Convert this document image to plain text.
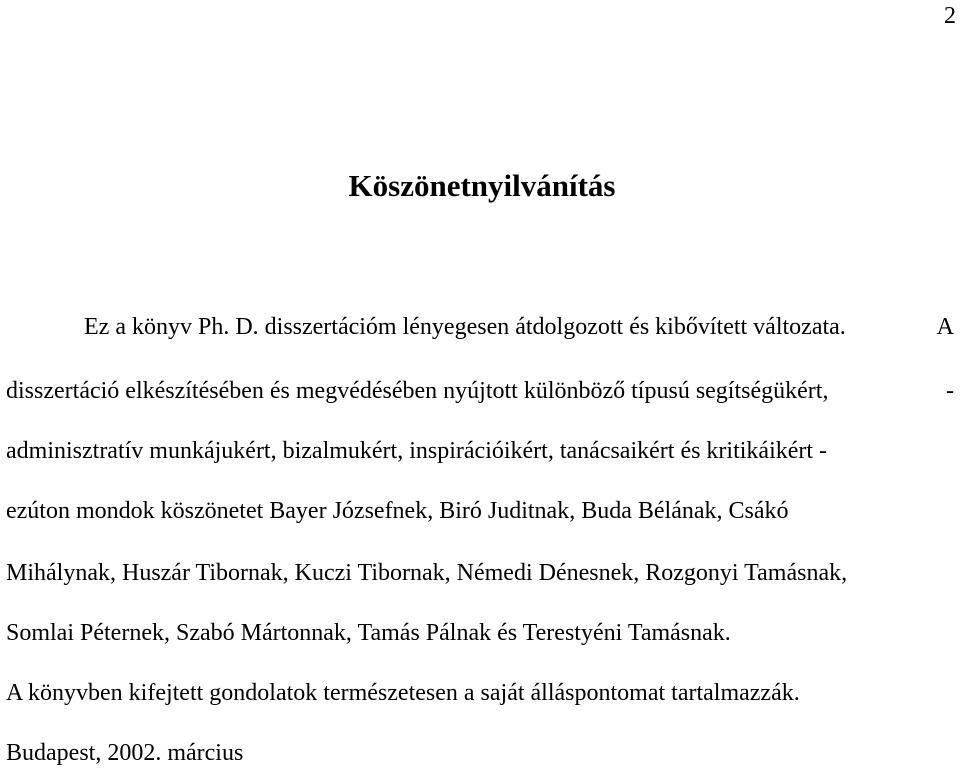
2
Köszönetnyilvánítás
Ez a könyv Ph. D. disszertációm lényegesen átdolgozott és kibővített változata.	A
disszertáció elkészítésében és megvédésében nyújtott különböző típusú segítségükért,	-
adminisztratív munkájukért, bizalmukért, inspirációikért, tanácsaikért és kritikáikért -
ezúton mondok köszönetet Bayer Józsefnek, Biró Juditnak, Buda Bélának, Csákó
Mihálynak, Huszár Tibornak, Kuczi Tibornak, Némedi Dénesnek, Rozgonyi Tamásnak,
Somlai Péternek, Szabó Mártonnak, Tamás Pálnak és Terestyéni Tamásnak.
A könyvben kifejtett gondolatok természetesen a saját álláspontomat tartalmazzák.
Budapest, 2002. március
